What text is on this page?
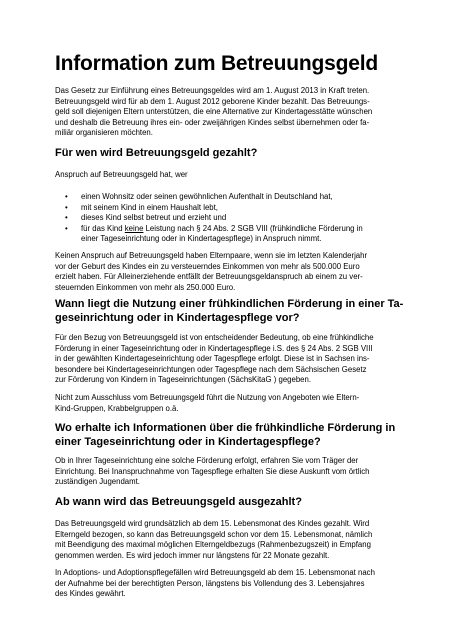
Information zum Betreuungsgeld
Das Gesetz zur Einführung eines Betreuungsgeldes wird am 1. August 2013 in Kraft treten.
Betreuungsgeld wird für ab dem 1. August 2012 geborene Kinder bezahlt. Das Betreuungs-
geld soll diejenigen Eltern unterstützen, die eine Alternative zur Kindertagesstätte wünschen
und deshalb die Betreuung ihres ein- oder zweijährigen Kindes selbst übernehmen oder fa-
miliär organisieren möchten.
Für wen wird Betreuungsgeld gezahlt?
Anspruch auf Betreuungsgeld hat, wer
• einen Wohnsitz oder seinen gewöhnlichen Aufenthalt in Deutschland hat,
• mit seinem Kind in einem Haushalt lebt,
• dieses Kind selbst betreut und erzieht und
• für das Kind keine Leistung nach § 24 Abs. 2 SGB VIII (frühkindliche Förderung in
einer Tageseinrichtung oder in Kindertagespflege) in Anspruch nimmt.
Keinen Anspruch auf Betreuungsgeld haben Elternpaare, wenn sie im letzten Kalenderjahr
vor der Geburt des Kindes ein zu versteuerndes Einkommen von mehr als 500.000 Euro
erzielt haben. Für Alleinerziehende entfällt der Betreuungsgeldanspruch ab einem zu ver-
steuernden Einkommen von mehr als 250.000 Euro.
Wann liegt die Nutzung einer frühkindlichen Förderung in einer Ta-
geseinrichtung oder in Kindertagespflege vor?
Für den Bezug von Betreuungsgeld ist von entscheidender Bedeutung, ob eine frühkindliche
Förderung in einer Tageseinrichtung oder in Kindertagespflege i.S. des § 24 Abs. 2 SGB VIII
in der gewählten Kindertageseinrichtung oder Tagespflege erfolgt. Diese ist in Sachsen ins-
besondere bei Kindertageseinrichtungen oder Tagespflege nach dem Sächsischen Gesetz
zur Förderung von Kindern in Tageseinrichtungen (SächsKitaG ) gegeben.
Nicht zum Ausschluss vom Betreuungsgeld führt die Nutzung von Angeboten wie Eltern-
Kind-Gruppen, Krabbelgruppen o.ä.
Wo erhalte ich Informationen über die frühkindliche Förderung in
einer Tageseinrichtung oder in Kindertagespflege?
Ob in Ihrer Tageseinrichtung eine solche Förderung erfolgt, erfahren Sie vom Träger der
Einrichtung. Bei Inanspruchnahme von Tagespflege erhalten Sie diese Auskunft vom örtlich
zuständigen Jugendamt.
Ab wann wird das Betreuungsgeld ausgezahlt?
Das Betreuungsgeld wird grundsätzlich ab dem 15. Lebensmonat des Kindes gezahlt. Wird
Elterngeld bezogen, so kann das Betreuungsgeld schon vor dem 15. Lebensmonat, nämlich
mit Beendigung des maximal möglichen Elterngeldbezugs (Rahmenbezugszeit) in Empfang
genommen werden. Es wird jedoch immer nur längstens für 22 Monate gezahlt.
In Adoptions- und Adoptionspflegefällen wird Betreuungsgeld ab dem 15. Lebensmonat nach
der Aufnahme bei der berechtigten Person, längstens bis Vollendung des 3. Lebensjahres
des Kindes gewährt.
